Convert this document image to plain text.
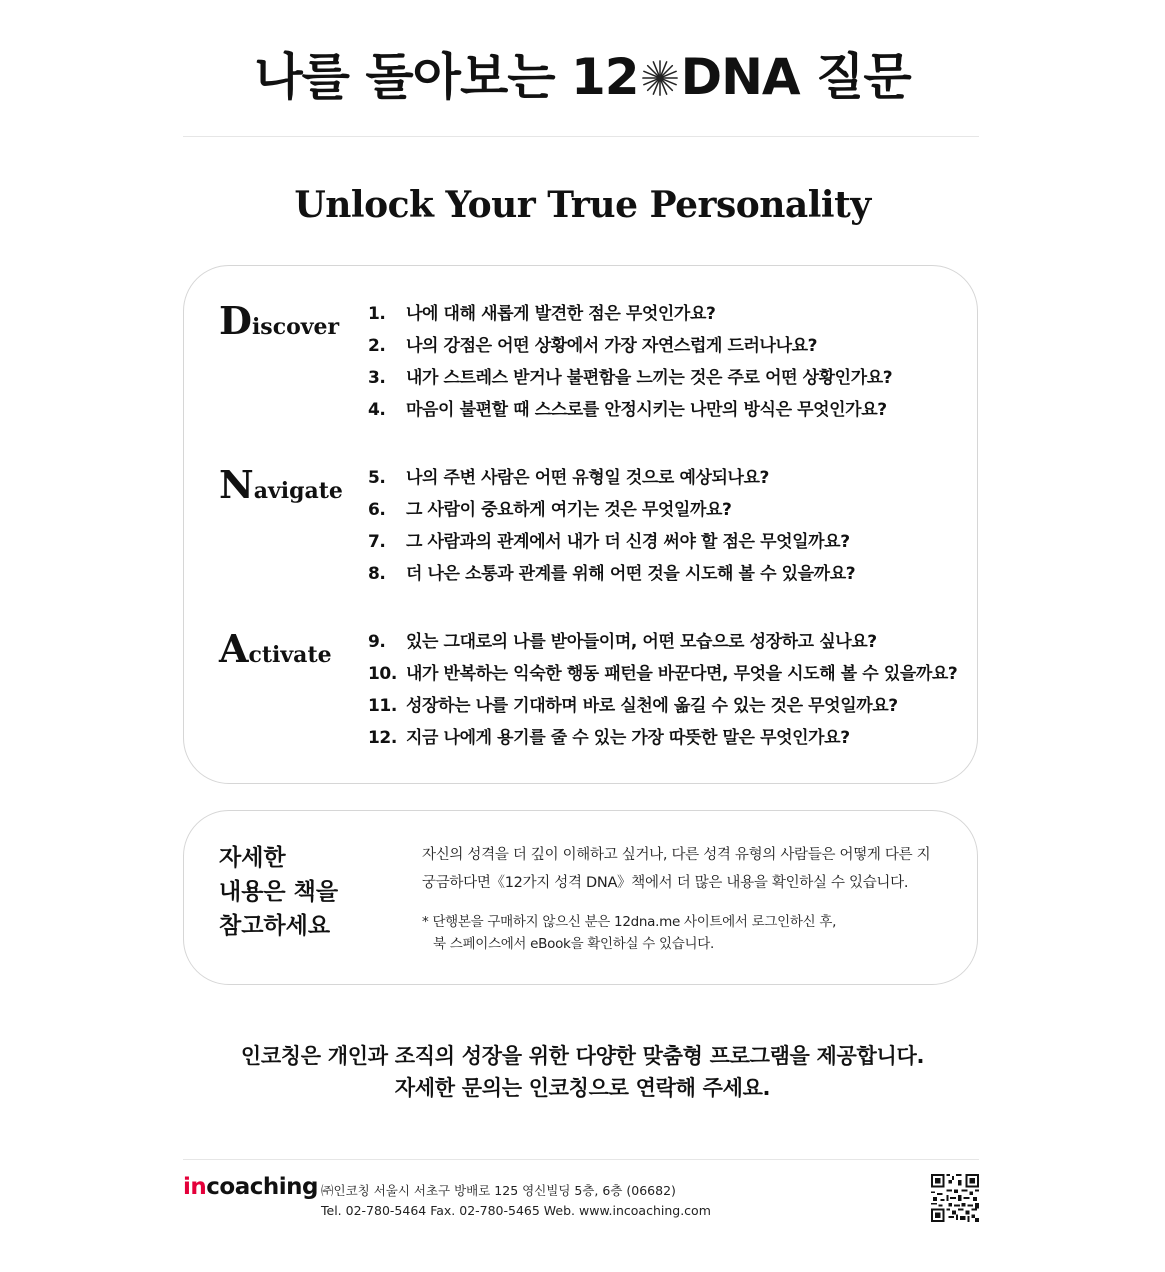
나를 돌아보는 12 DNA 질문
Unlock Your True Personality
Discover 1. 나에 대해 새롭게 발견한 점은 무엇인가요?
2. 나의 강점은 어떤 상황에서 가장 자연스럽게 드러나나요?
3. 내가 스트레스 받거나 불편함을 느끼는 것은 주로 어떤 상황인가요?
4. 마음이 불편할 때 스스로를 안정시키는 나만의 방식은 무엇인가요?
Navigate 5. 나의 주변 사람은 어떤 유형일 것으로 예상되나요?
6. 그 사람이 중요하게 여기는 것은 무엇일까요?
7. 그 사람과의 관계에서 내가 더 신경 써야 할 점은 무엇일까요?
8. 더 나은 소통과 관계를 위해 어떤 것을 시도해 볼 수 있을까요?
Activate 9. 있는 그대로의 나를 받아들이며, 어떤 모습으로 성장하고 싶나요?
10. 내가 반복하는 익숙한 행동 패턴을 바꾼다면, 무엇을 시도해 볼 수 있을까요?
11. 성장하는 나를 기대하며 바로 실천에 옮길 수 있는 것은 무엇일까요?
12. 지금 나에게 용기를 줄 수 있는 가장 따뜻한 말은 무엇인가요?
자세한
내용은 책을
참고하세요

자신의 성격을 더 깊이 이해하고 싶거나, 다른 성격 유형의 사람들은 어떻게 다른 지
궁금하다면《12가지 성격 DNA》책에서 더 많은 내용을 확인하실 수 있습니다.

* 단행본을 구매하지 않으신 분은 12dna.me 사이트에서 로그인하신 후,
북 스페이스에서 eBook을 확인하실 수 있습니다.
인코칭은 개인과 조직의 성장을 위한 다양한 맞춤형 프로그램을 제공합니다.
자세한 문의는 인코칭으로 연락해 주세요.
incoaching ㈜인코칭 서울시 서초구 방배로 125 영신빌딩 5층, 6층 (06682)
Tel. 02-780-5464 Fax. 02-780-5465 Web. www.incoaching.com
